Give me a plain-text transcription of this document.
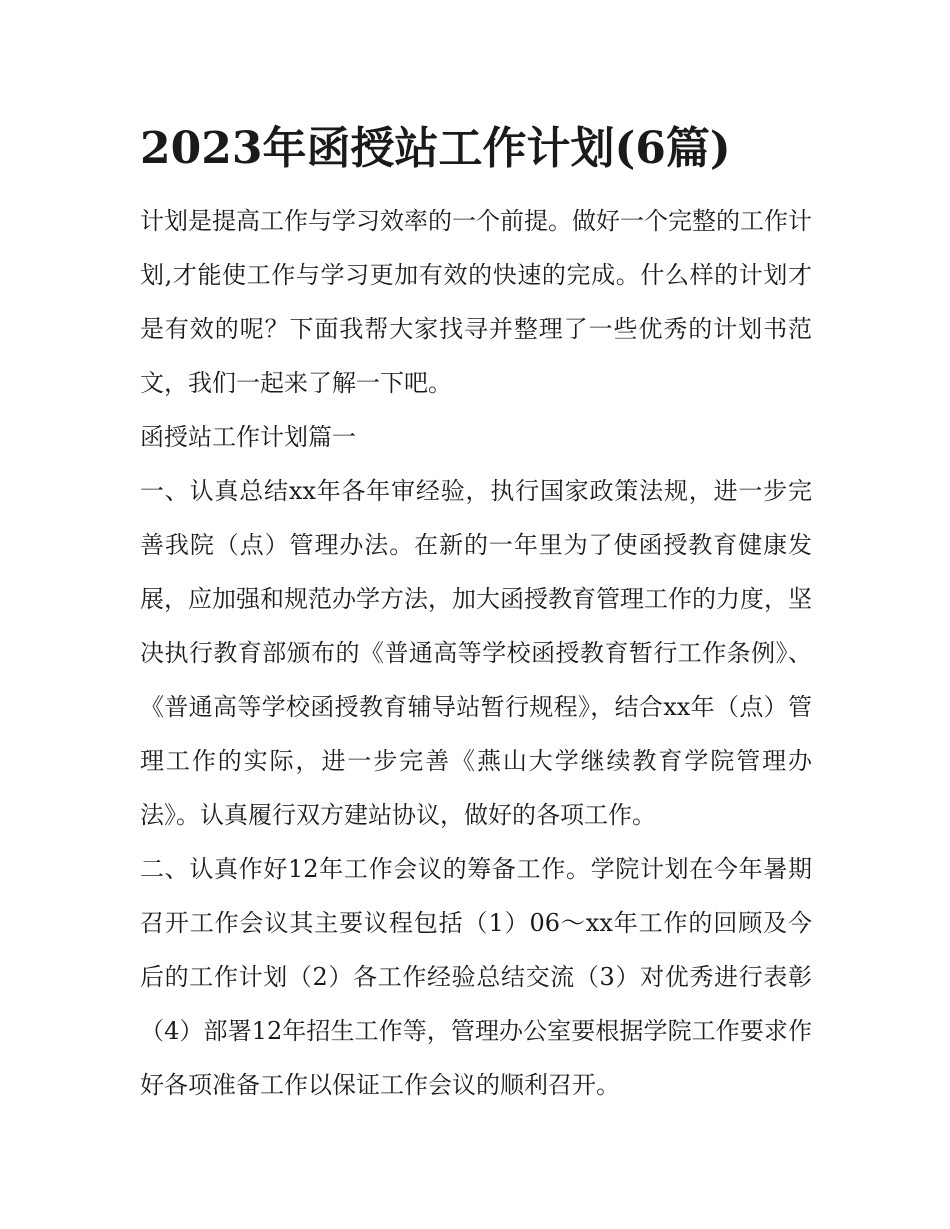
2023年函授站工作计划(6篇)

计划是提高工作与学习效率的一个前提。做好一个完整的工作计划,才能使工作与学习更加有效的快速的完成。什么样的计划才是有效的呢？下面我帮大家找寻并整理了一些优秀的计划书范文，我们一起来了解一下吧。

函授站工作计划篇一

一、认真总结xx年各年审经验，执行国家政策法规，进一步完善我院（点）管理办法。在新的一年里为了使函授教育健康发展，应加强和规范办学方法，加大函授教育管理工作的力度，坚决执行教育部颁布的《普通高等学校函授教育暂行工作条例》、《普通高等学校函授教育辅导站暂行规程》，结合xx年（点）管理工作的实际，进一步完善《燕山大学继续教育学院管理办法》。认真履行双方建站协议，做好的各项工作。

二、认真作好12年工作会议的筹备工作。学院计划在今年暑期召开工作会议其主要议程包括（1）06～xx年工作的回顾及今后的工作计划（2）各工作经验总结交流（3）对优秀进行表彰（4）部署12年招生工作等，管理办公室要根据学院工作要求作好各项准备工作以保证工作会议的顺利召开。
